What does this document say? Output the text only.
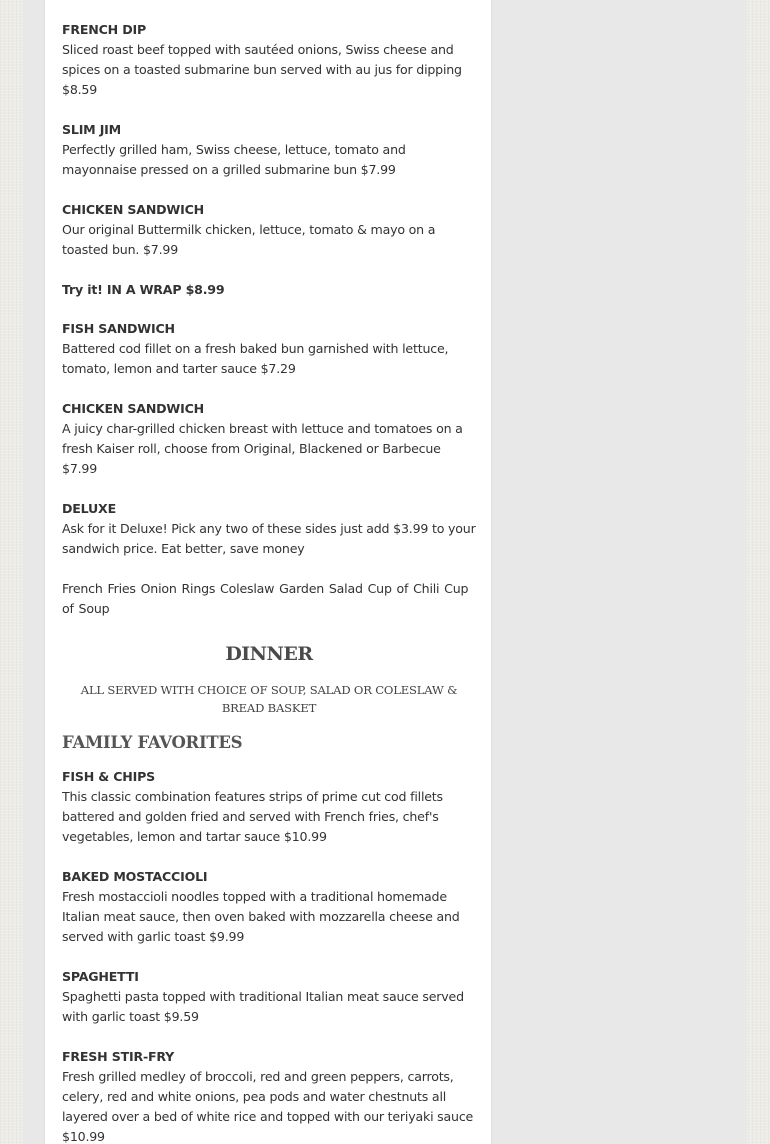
FRENCH DIP

Sliced roast beef topped with sautéed onions, Swiss cheese and spices on a toasted submarine bun served with au jus for dipping

$8.59

SLIM JIM

Perfectly grilled ham, Swiss cheese, lettuce, tomato and mayonnaise pressed on a grilled submarine bun $7.99

CHICKEN SANDWICH

Our original Buttermilk chicken, lettuce, tomato & mayo on a toasted bun. $7.99

Try it! IN A WRAP $8.99

FISH SANDWICH

Battered cod fillet on a fresh baked bun garnished with lettuce, tomato, lemon and tarter sauce $7.29

CHICKEN SANDWICH

A juicy char-grilled chicken breast with lettuce and tomatoes on a fresh Kaiser roll, choose from Original, Blackened or Barbecue

$7.99

DELUXE

Ask for it Deluxe! Pick any two of these sides just add $3.99 to your sandwich price. Eat better, save money

French Fries Onion Rings Coleslaw Garden Salad Cup of Chili Cup of Soup

DINNER

ALL SERVED WITH CHOICE OF SOUP, SALAD OR COLESLAW & BREAD BASKET

FAMILY FAVORITES

FISH & CHIPS

This classic combination features strips of prime cut cod fillets battered and golden fried and served with French fries, chef's vegetables, lemon and tartar sauce $10.99

BAKED MOSTACCIOLI

Fresh mostaccioli noodles topped with a traditional homemade Italian meat sauce, then oven baked with mozzarella cheese and served with garlic toast $9.99

SPAGHETTI

Spaghetti pasta topped with traditional Italian meat sauce served with garlic toast $9.59

FRESH STIR-FRY

Fresh grilled medley of broccoli, red and green peppers, carrots, celery, red and white onions, pea pods and water chestnuts all layered over a bed of white rice and topped with our teriyaki sauce

$10.99
